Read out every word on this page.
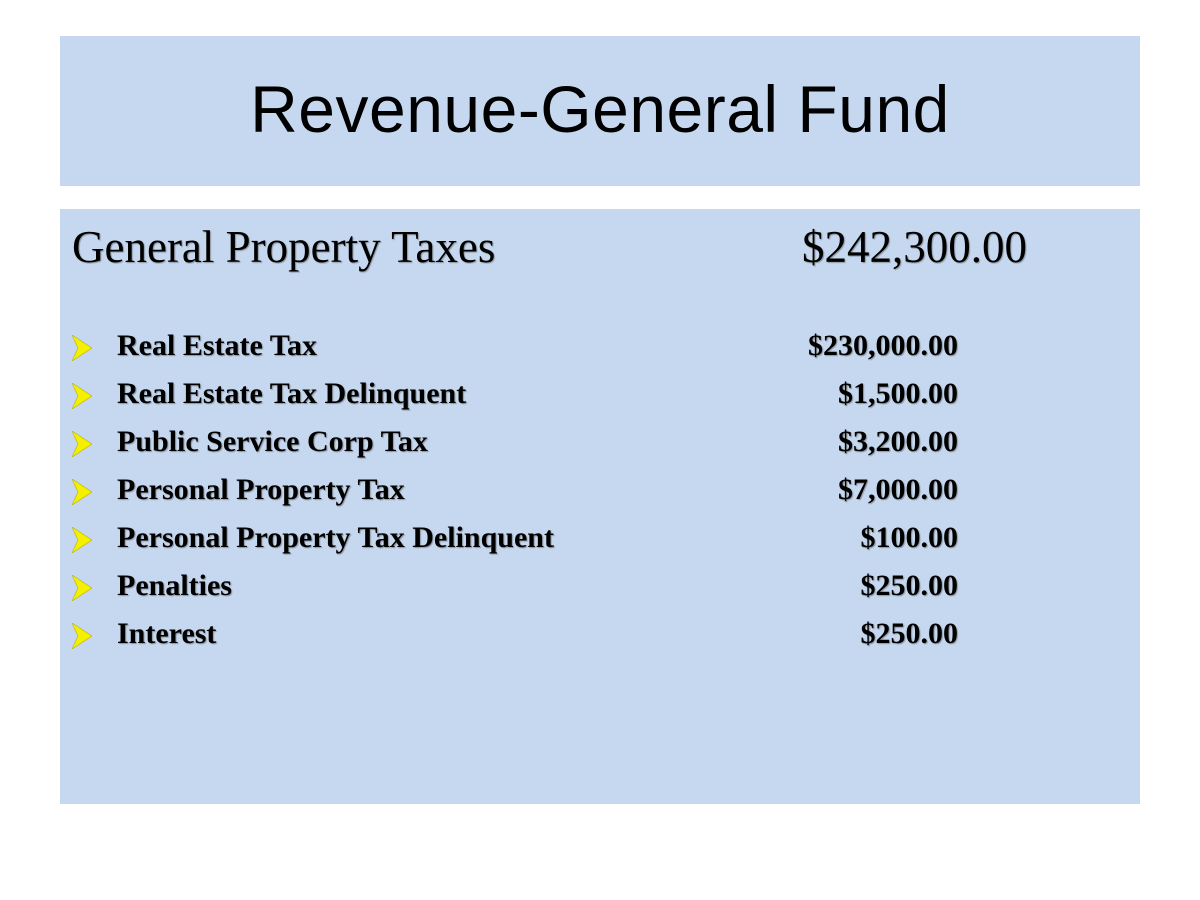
Revenue-General Fund
General Property Taxes	$242,300.00
Real Estate Tax	$230,000.00
Real Estate Tax Delinquent	$1,500.00
Public Service Corp Tax	$3,200.00
Personal Property Tax	$7,000.00
Personal Property Tax Delinquent	$100.00
Penalties	$250.00
Interest	$250.00
